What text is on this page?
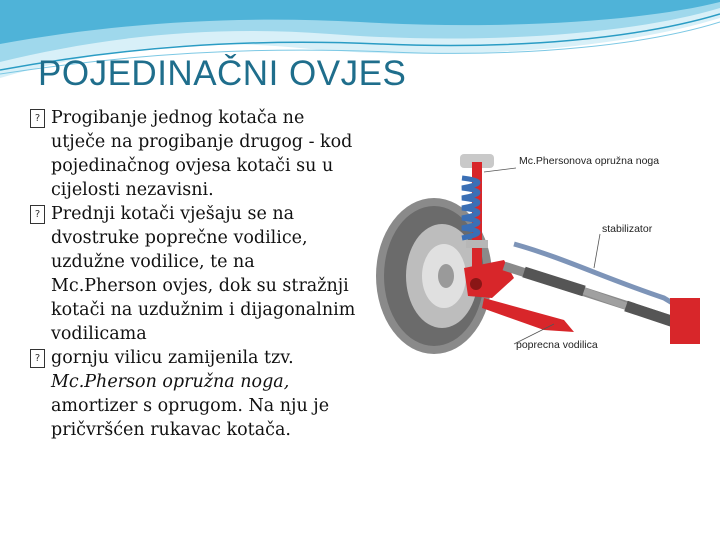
POJEDINAČNI OVJES
? Progibanje jednog kotača ne utječe na progibanje drugog - kod pojedinačnog ovjesa kotači su u cijelosti nezavisni.
? Prednji kotači vješaju se na dvostruke poprečne vodilice, uzdužne vodilice, te na Mc.Pherson ovjes, dok su stražnji kotači na uzdužnim i dijagonalnim vodilicama
? gornju vilicu zamijenila tzv. Mc.Pherson opružna noga, amortizer s oprugom. Na nju je pričvršćen rukavac kotača.
Mc.Phersonova opružna noga
stabilizator
poprecna vodilica
